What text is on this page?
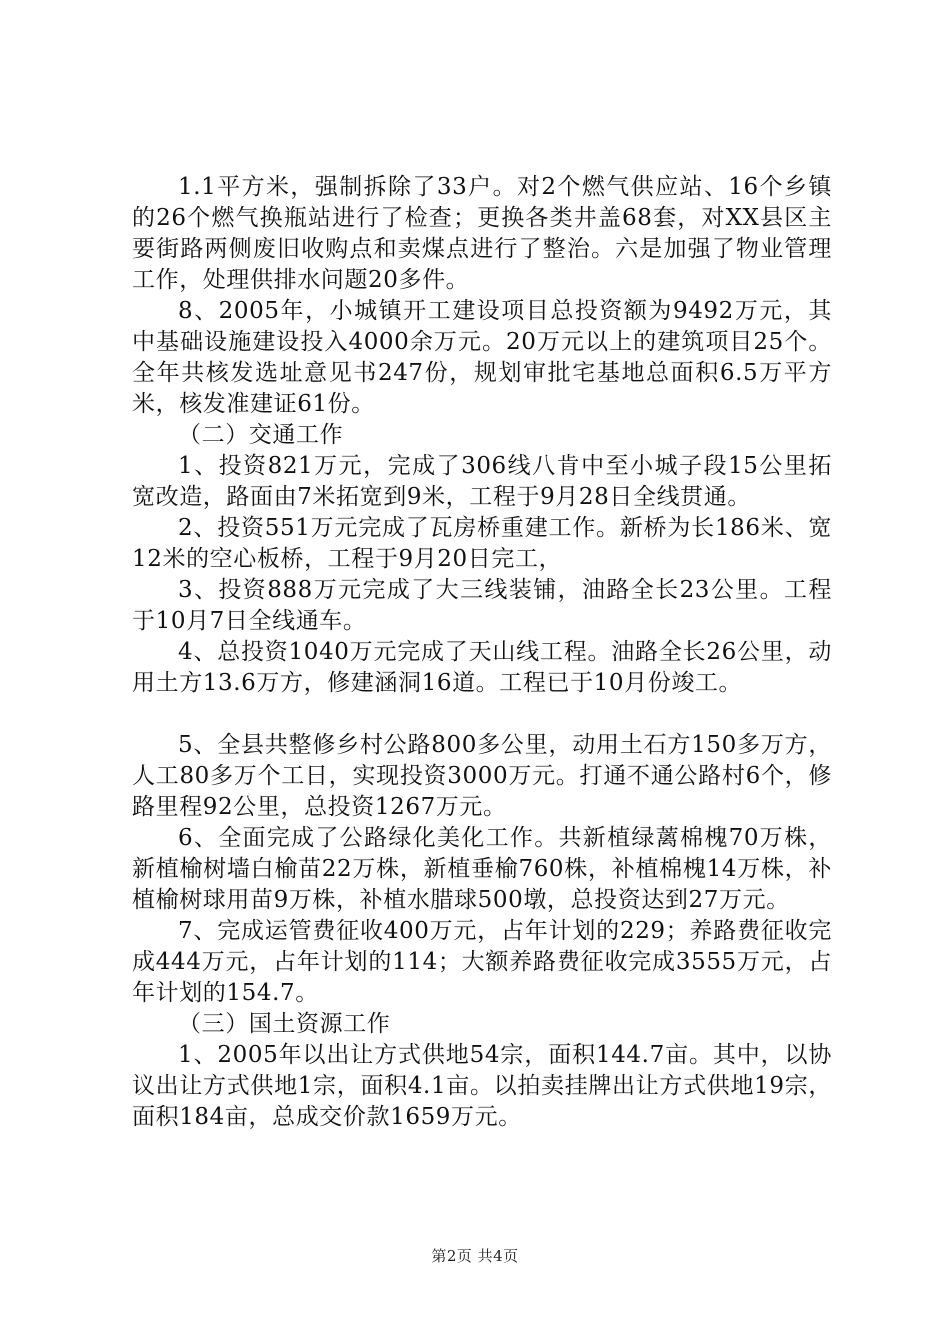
1.1平方米，强制拆除了33户。对2个燃气供应站、16个乡镇的26个燃气换瓶站进行了检查；更换各类井盖68套，对XX县区主要街路两侧废旧收购点和卖煤点进行了整治。六是加强了物业管理工作，处理供排水问题20多件。

8、2005年，小城镇开工建设项目总投资额为9492万元，其中基础设施建设投入4000余万元。20万元以上的建筑项目25个。全年共核发选址意见书247份，规划审批宅基地总面积6.5万平方米，核发准建证61份。

（二）交通工作

1、投资821万元，完成了306线八肯中至小城子段15公里拓宽改造，路面由7米拓宽到9米，工程于9月28日全线贯通。

2、投资551万元完成了瓦房桥重建工作。新桥为长186米、宽12米的空心板桥，工程于9月20日完工，

3、投资888万元完成了大三线装铺，油路全长23公里。工程于10月7日全线通车。

4、总投资1040万元完成了天山线工程。油路全长26公里，动用土方13.6万方，修建涵洞16道。工程已于10月份竣工。

5、全县共整修乡村公路800多公里，动用土石方150多万方，人工80多万个工日，实现投资3000万元。打通不通公路村6个，修路里程92公里，总投资1267万元。

6、全面完成了公路绿化美化工作。共新植绿蓠棉槐70万株，新植榆树墙白榆苗22万株，新植垂榆760株，补植棉槐14万株，补植榆树球用苗9万株，补植水腊球500墩，总投资达到27万元。

7、完成运管费征收400万元，占年计划的229；养路费征收完成444万元，占年计划的114；大额养路费征收完成3555万元，占年计划的154.7。

（三）国土资源工作

1、2005年以出让方式供地54宗，面积144.7亩。其中，以协议出让方式供地1宗，面积4.1亩。以拍卖挂牌出让方式供地19宗，面积184亩，总成交价款1659万元。

第2页 共4页
